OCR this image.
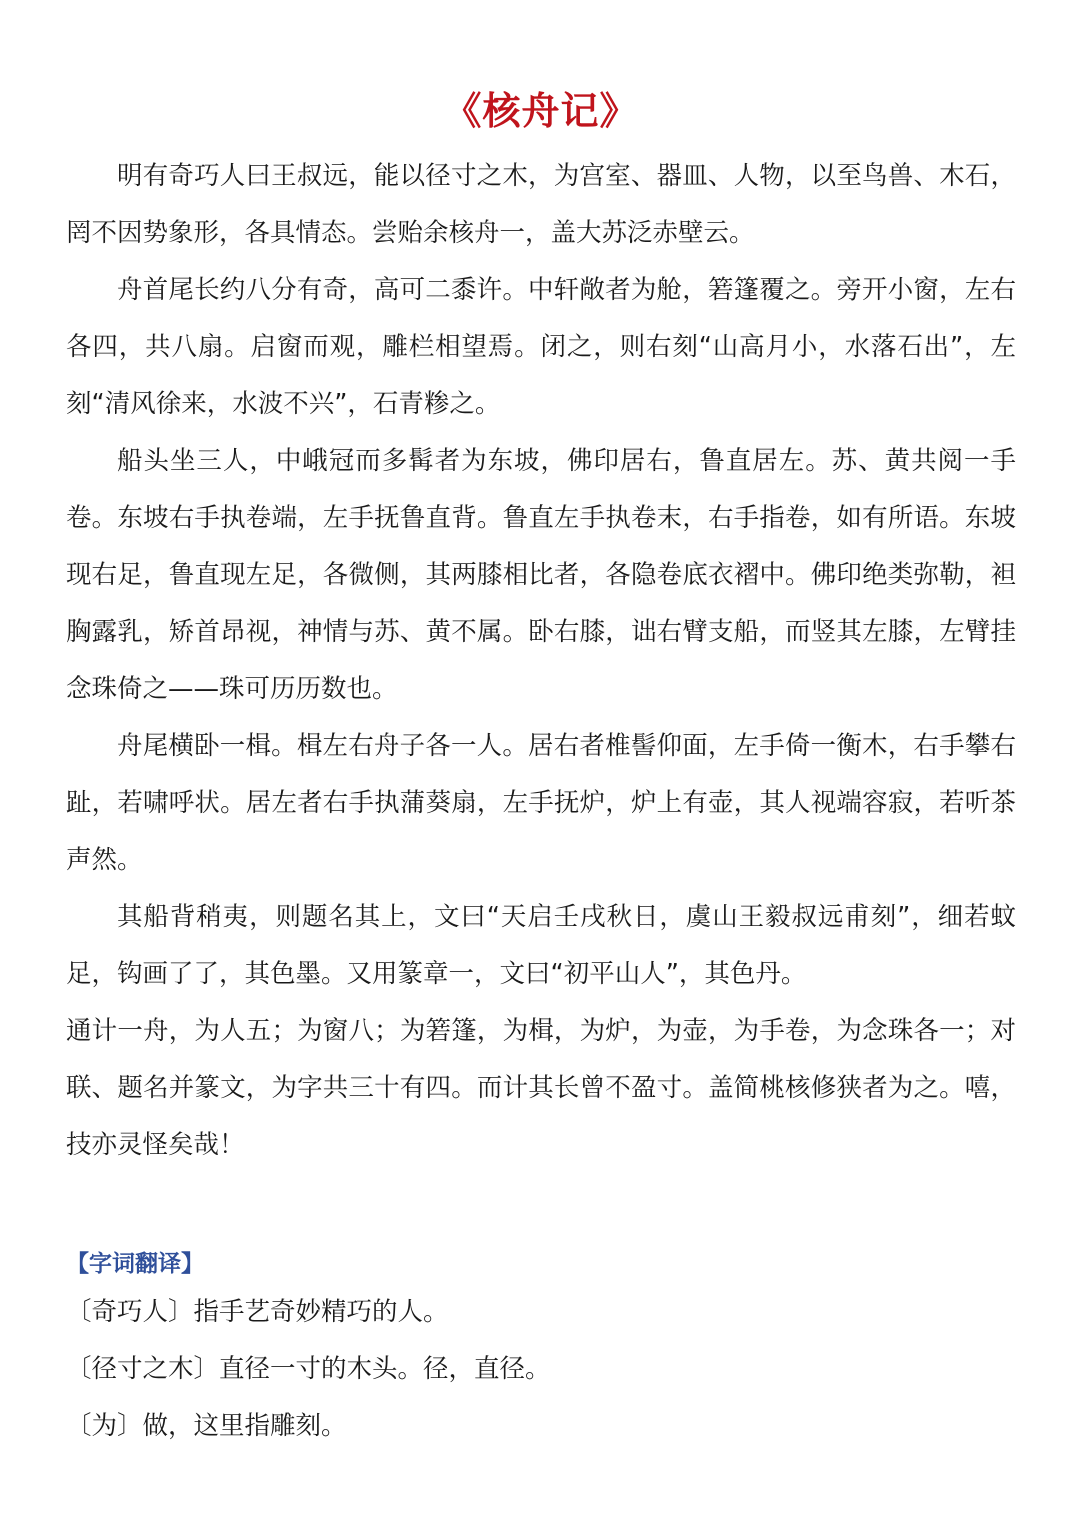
《核舟记》

明有奇巧人曰王叔远，能以径寸之木，为宫室、器皿、人物，以至鸟兽、木石，罔不因势象形，各具情态。尝贻余核舟一，盖大苏泛赤壁云。

舟首尾长约八分有奇，高可二黍许。中轩敞者为舱，箬篷覆之。旁开小窗，左右各四，共八扇。启窗而观，雕栏相望焉。闭之，则右刻“山高月小，水落石出”，左刻“清风徐来，水波不兴”，石青糁之。

船头坐三人，中峨冠而多髯者为东坡，佛印居右，鲁直居左。苏、黄共阅一手卷。东坡右手执卷端，左手抚鲁直背。鲁直左手执卷末，右手指卷，如有所语。东坡现右足，鲁直现左足，各微侧，其两膝相比者，各隐卷底衣褶中。佛印绝类弥勒，袒胸露乳，矫首昂视，神情与苏、黄不属。卧右膝，诎右臂支船，而竖其左膝，左臂挂念珠倚之——珠可历历数也。

舟尾横卧一楫。楫左右舟子各一人。居右者椎髻仰面，左手倚一衡木，右手攀右趾，若啸呼状。居左者右手执蒲葵扇，左手抚炉，炉上有壶，其人视端容寂，若听茶声然。

其船背稍夷，则题名其上，文曰“天启壬戌秋日，虞山王毅叔远甫刻”，细若蚊足，钩画了了，其色墨。又用篆章一，文曰“初平山人”，其色丹。

通计一舟，为人五；为窗八；为箬篷，为楫，为炉，为壶，为手卷，为念珠各一；对联、题名并篆文，为字共三十有四。而计其长曾不盈寸。盖简桃核修狭者为之。嘻，技亦灵怪矣哉！

【字词翻译】

〔奇巧人〕指手艺奇妙精巧的人。

〔径寸之木〕直径一寸的木头。径，直径。

〔为〕做，这里指雕刻。
